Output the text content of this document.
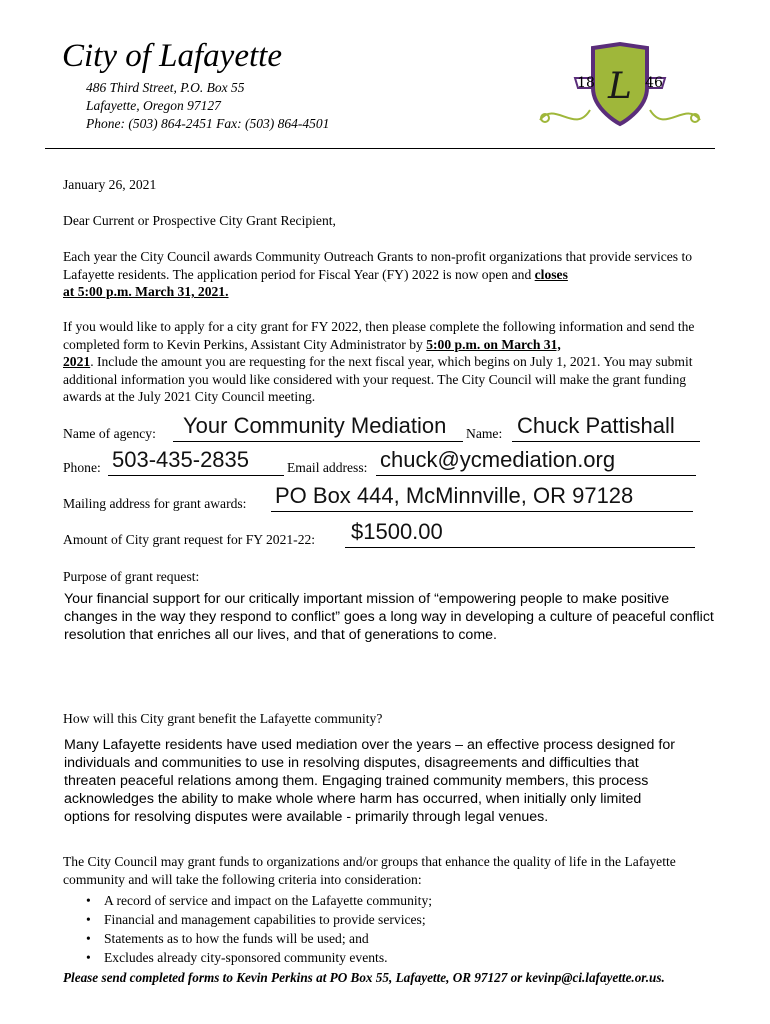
City of Lafayette
486 Third Street, P.O. Box 55
Lafayette, Oregon 97127
Phone: (503) 864-2451 Fax: (503) 864-4501
18	46
L
January 26, 2021
Dear Current or Prospective City Grant Recipient,
Each year the City Council awards Community Outreach Grants to non-profit organizations that provide services to Lafayette residents. The application period for Fiscal Year (FY) 2022 is now open and closes
at 5:00 p.m. March 31, 2021.
If you would like to apply for a city grant for FY 2022, then please complete the following information and send the completed form to Kevin Perkins, Assistant City Administrator by 5:00 p.m. on March 31,
2021. Include the amount you are requesting for the next fiscal year, which begins on July 1, 2021. You may submit additional information you would like considered with your request. The City Council will make the grant funding awards at the July 2021 City Council meeting.
Name of agency: Your Community Mediation Name: Chuck Pattishall
Phone: 503-435-2835	Email address: chuck@ycmediation.org
Mailing address for grant awards: PO Box 444, McMinnville, OR 97128
Amount of City grant request for FY 2021-22: $1500.00
Purpose of grant request:
Your financial support for our critically important mission of “empowering people to make positive changes in the way they respond to conflict” goes a long way in developing a culture of peaceful conflict resolution that enriches all our lives, and that of generations to come.
How will this City grant benefit the Lafayette community?
Many Lafayette residents have used mediation over the years – an effective process designed for individuals and communities to use in resolving disputes, disagreements and difficulties that threaten peaceful relations among them. Engaging trained community members, this process acknowledges the ability to make whole where harm has occurred, when initially only limited options for resolving disputes were available - primarily through legal venues.
The City Council may grant funds to organizations and/or groups that enhance the quality of life in the Lafayette community and will take the following criteria into consideration:
• A record of service and impact on the Lafayette community;
• Financial and management capabilities to provide services;
• Statements as to how the funds will be used; and
• Excludes already city-sponsored community events.
Please send completed forms to Kevin Perkins at PO Box 55, Lafayette, OR 97127 or kevinp@ci.lafayette.or.us.
